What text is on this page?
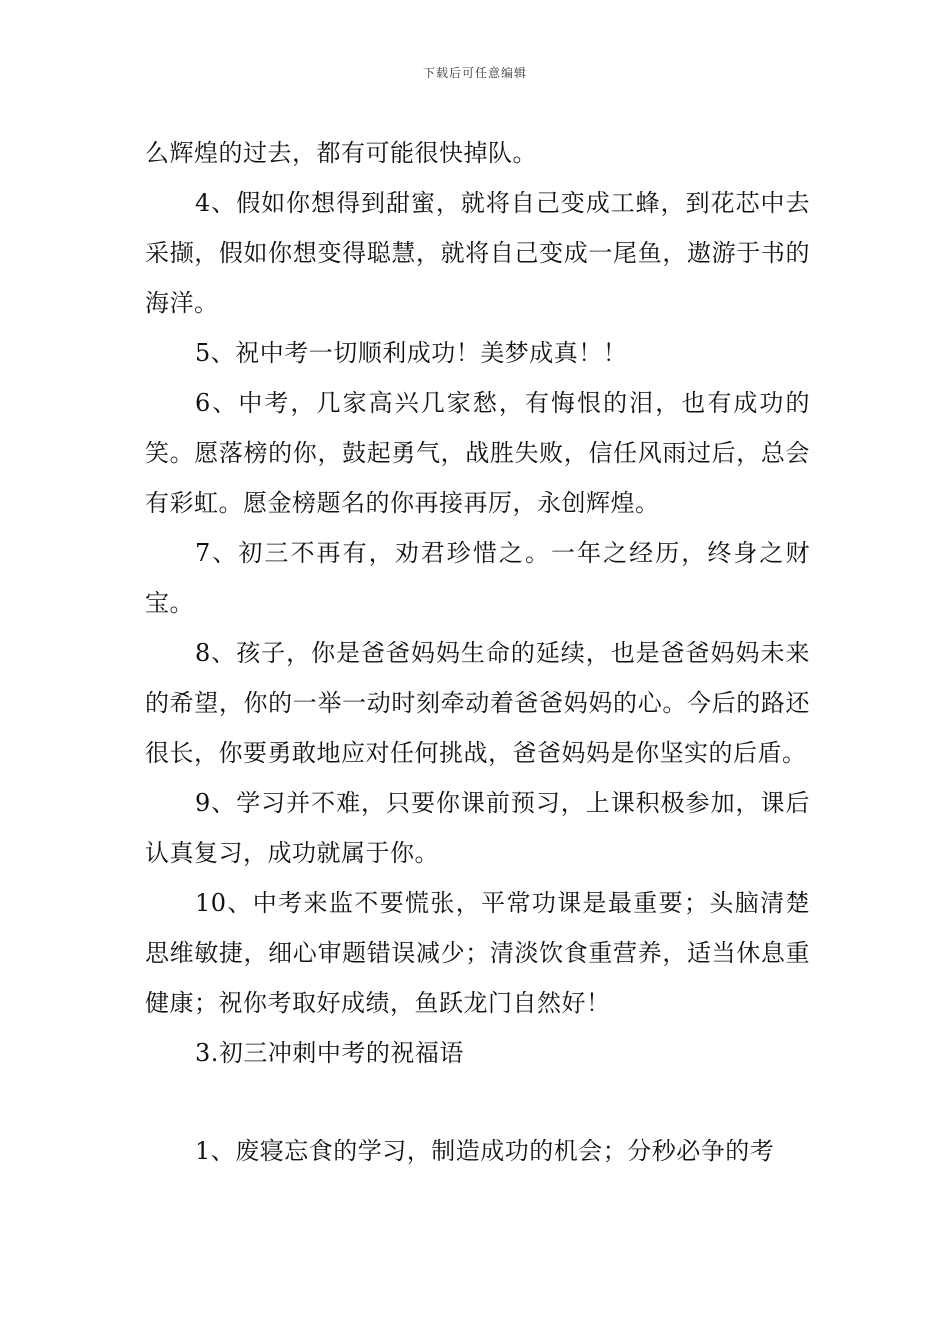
下载后可任意编辑

么辉煌的过去，都有可能很快掉队。

4、假如你想得到甜蜜，就将自己变成工蜂，到花芯中去采撷，假如你想变得聪慧，就将自己变成一尾鱼，遨游于书的海洋。

5、祝中考一切顺利成功！美梦成真！！

6、中考，几家高兴几家愁，有悔恨的泪，也有成功的笑。愿落榜的你，鼓起勇气，战胜失败，信任风雨过后，总会有彩虹。愿金榜题名的你再接再厉，永创辉煌。

7、初三不再有，劝君珍惜之。一年之经历，终身之财宝。

8、孩子，你是爸爸妈妈生命的延续，也是爸爸妈妈未来的希望，你的一举一动时刻牵动着爸爸妈妈的心。今后的路还很长，你要勇敢地应对任何挑战，爸爸妈妈是你坚实的后盾。

9、学习并不难，只要你课前预习，上课积极参加，课后认真复习，成功就属于你。

10、中考来监不要慌张，平常功课是最重要；头脑清楚思维敏捷，细心审题错误减少；清淡饮食重营养，适当休息重健康；祝你考取好成绩，鱼跃龙门自然好！

3.初三冲刺中考的祝福语

1、废寝忘食的学习，制造成功的机会；分秒必争的考
